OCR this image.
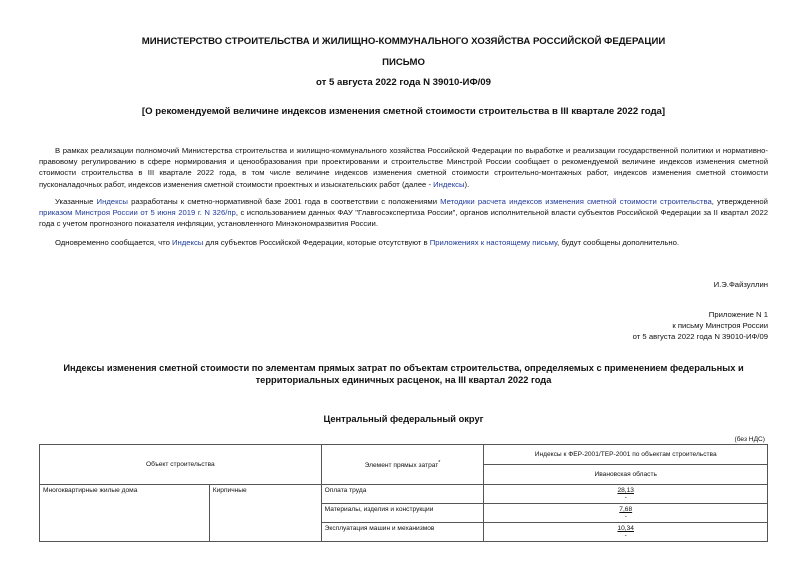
МИНИСТЕРСТВО СТРОИТЕЛЬСТВА И ЖИЛИЩНО-КОММУНАЛЬНОГО ХОЗЯЙСТВА РОССИЙСКОЙ ФЕДЕРАЦИИ
ПИСЬМО
от 5 августа 2022 года N 39010-ИФ/09
[О рекомендуемой величине индексов изменения сметной стоимости строительства в III квартале 2022 года]
В рамках реализации полномочий Министерства строительства и жилищно-коммунального хозяйства Российской Федерации по выработке и реализации государственной политики и нормативно-правовому регулированию в сфере нормирования и ценообразования при проектировании и строительстве Минстрой России сообщает о рекомендуемой величине индексов изменения сметной стоимости строительства в III квартале 2022 года, в том числе величине индексов изменения сметной стоимости строительно-монтажных работ, индексов изменения сметной стоимости пусконаладочных работ, индексов изменения сметной стоимости проектных и изыскательских работ (далее - Индексы).
Указанные Индексы разработаны к сметно-нормативной базе 2001 года в соответствии с положениями Методики расчета индексов изменения сметной стоимости строительства, утвержденной приказом Минстроя России от 5 июня 2019 г. N 326/пр, с использованием данных ФАУ "Главгосэкспертиза России", органов исполнительной власти субъектов Российской Федерации за II квартал 2022 года с учетом прогнозного показателя инфляции, установленного Минэкономразвития России.
Одновременно сообщается, что Индексы для субъектов Российской Федерации, которые отсутствуют в Приложениях к настоящему письму, будут сообщены дополнительно.
И.Э.Файзуллин
Приложение N 1
к письму Минстроя России
от 5 августа 2022 года N 39010-ИФ/09
Индексы изменения сметной стоимости по элементам прямых затрат по объектам строительства, определяемых с применением федеральных и территориальных единичных расценок, на III квартал 2022 года
Центральный федеральный округ
(без НДС)
Объект строительства		Элемент прямых затрат*	Индексы к ФЕР-2001/ТЕР-2001 по объектам строительства
			Ивановская область
Многоквартирные жилые дома	Кирпичные	Оплата труда	28,13
-

		Материалы, изделия и конструкции	7,68
-

		Эксплуатация машин и механизмов	10,34
-
